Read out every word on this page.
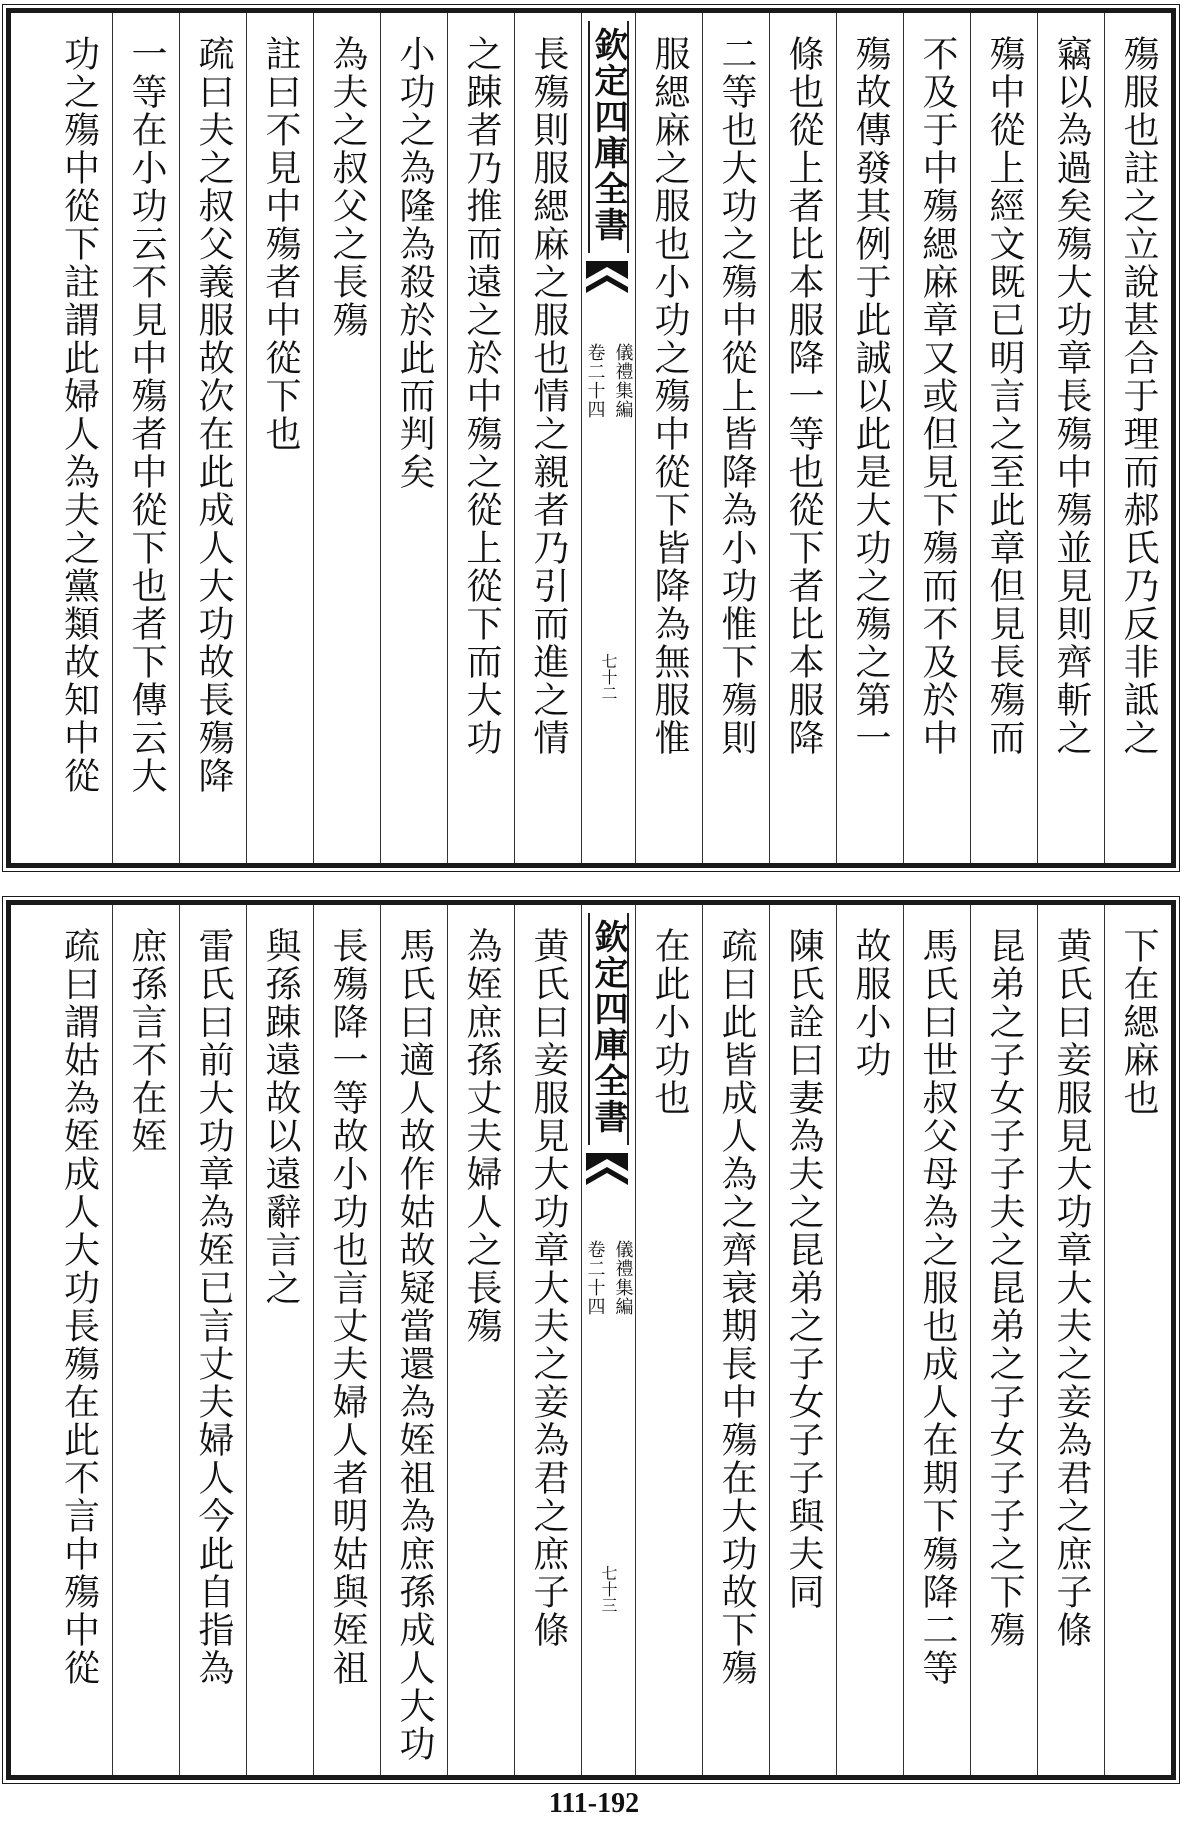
殤服也註之立說甚合于理而郝氏乃反非詆之
竊以為過矣殤大功章長殤中殤並見則齊斬之
殤中從上經文既已明言之至此章但見長殤而
不及于中殤緦麻章又或但見下殤而不及於中
殤故傳發其例于此誠以此是大功之殤之第一
條也從上者比本服降一等也從下者比本服降
二等也大功之殤中從上皆降為小功惟下殤則
服緦麻之服也小功之殤中從下皆降為無服惟
欽定四庫全書
儀禮集編
卷二十四
七十二
長殤則服緦麻之服也情之親者乃引而進之情
之踈者乃推而遠之於中殤之從上從下而大功
小功之為隆為殺於此而判矣
為夫之叔父之長殤
註曰不見中殤者中從下也
疏曰夫之叔父義服故次在此成人大功故長殤降
一等在小功云不見中殤者中從下也者下傳云大
功之殤中從下註謂此婦人為夫之黨類故知中從
下在緦麻也
黄氏曰妾服見大功章大夫之妾為君之庶子條
昆弟之子女子子夫之昆弟之子女子子之下殤
馬氏曰世叔父母為之服也成人在期下殤降二等
故服小功
陳氏詮曰妻為夫之昆弟之子女子子與夫同
疏曰此皆成人為之齊衰期長中殤在大功故下殤
在此小功也
欽定四庫全書
儀禮集編
卷二十四
七十三
黄氏曰妾服見大功章大夫之妾為君之庶子條
為姪庶孫丈夫婦人之長殤
馬氏曰適人故作姑故疑當還為姪祖為庶孫成人大功
長殤降一等故小功也言丈夫婦人者明姑與姪祖
與孫踈遠故以遠辭言之
雷氏曰前大功章為姪已言丈夫婦人今此自指為
庶孫言不在姪
疏曰謂姑為姪成人大功長殤在此不言中殤中從
111-192
